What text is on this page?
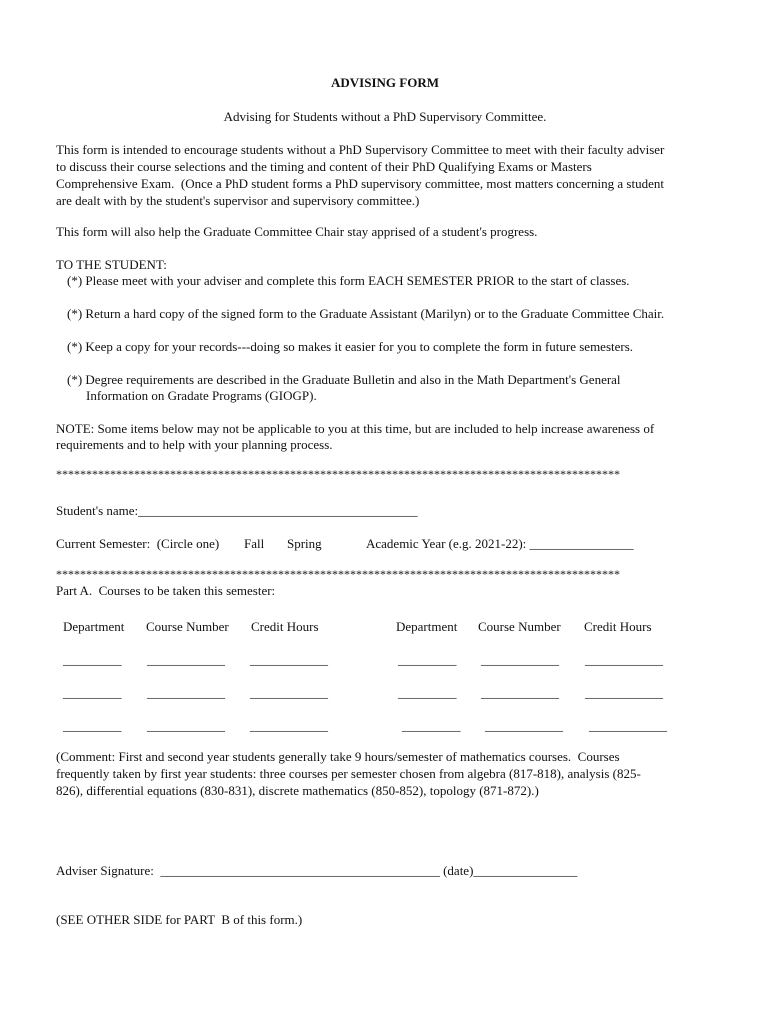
ADVISING FORM
Advising for Students without a PhD Supervisory Committee.
This form is intended to encourage students without a PhD Supervisory Committee to meet with their faculty adviser
to discuss their course selections and the timing and content of their PhD Qualifying Exams or Masters
Comprehensive Exam.  (Once a PhD student forms a PhD supervisory committee, most matters concerning a student
are dealt with by the student's supervisor and supervisory committee.)
This form will also help the Graduate Committee Chair stay apprised of a student's progress.
TO THE STUDENT:
(*) Please meet with your adviser and complete this form EACH SEMESTER PRIOR to the start of classes.
(*) Return a hard copy of the signed form to the Graduate Assistant (Marilyn) or to the Graduate Committee Chair.
(*) Keep a copy for your records---doing so makes it easier for you to complete the form in future semesters.
(*) Degree requirements are described in the Graduate Bulletin and also in the Math Department's General
Information on Gradate Programs (GIOGP).
NOTE: Some items below may not be applicable to you at this time, but are included to help increase awareness of
requirements and to help with your planning process.
**********************************************************************************************
Student's name:___________________________________________
Current Semester:  (Circle one) Fall Spring	Academic Year (e.g. 2021-22): ________________
**********************************************************************************************
Part A.  Courses to be taken this semester:
Department Course Number Credit Hours	Department Course Number Credit Hours
_________ ____________ ____________	_________ ____________ ____________
_________ ____________ ____________	_________ ____________ ____________
_________ ____________ ____________	_________ ____________ ____________
(Comment: First and second year students generally take 9 hours/semester of mathematics courses.  Courses
frequently taken by first year students: three courses per semester chosen from algebra (817-818), analysis (825-
826), differential equations (830-831), discrete mathematics (850-852), topology (871-872).)
Adviser Signature:  ___________________________________________ (date)________________
(SEE OTHER SIDE for PART  B of this form.)
